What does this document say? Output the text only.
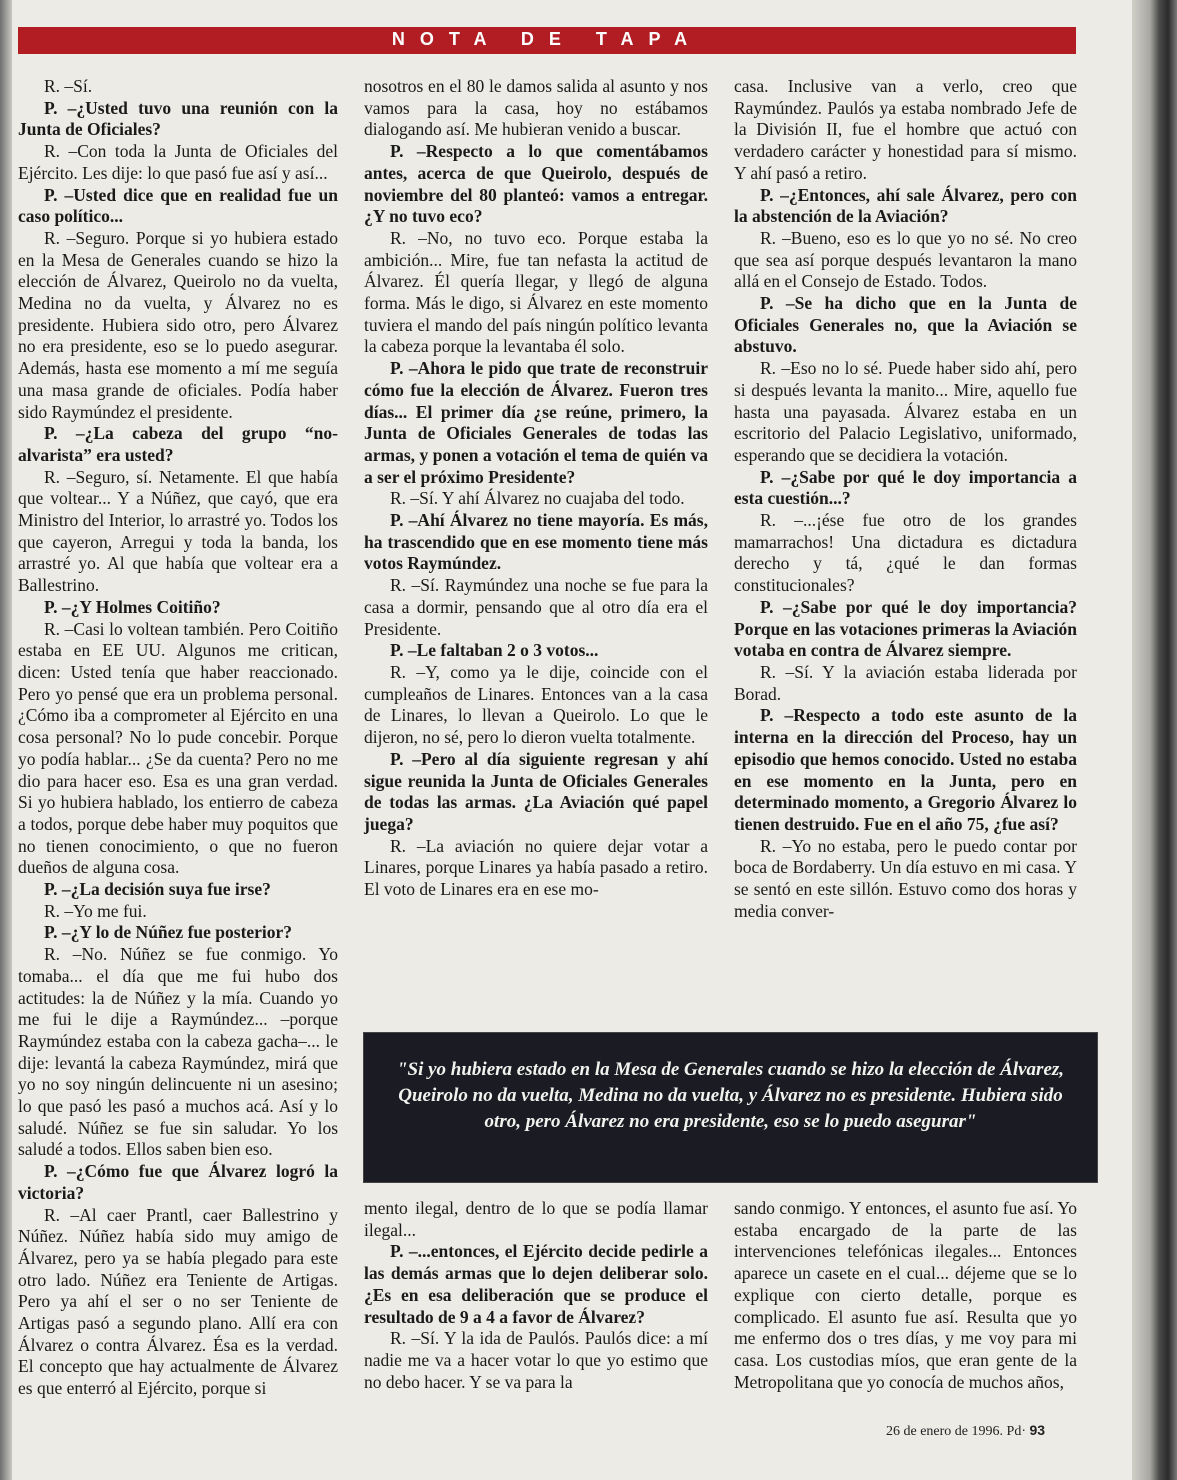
NOTA DE TAPA

R. –Sí.

P. –¿Usted tuvo una reunión con la Junta de Oficiales?

R. –Con toda la Junta de Oficiales del Ejército. Les dije: lo que pasó fue así y así...

P. –Usted dice que en realidad fue un caso político...

R. –Seguro. Porque si yo hubiera estado en la Mesa de Generales cuando se hizo la elección de Álvarez, Queirolo no da vuelta, Medina no da vuelta, y Álvarez no es presidente. Hubiera sido otro, pero Álvarez no era presidente, eso se lo puedo asegurar. Además, hasta ese momento a mí me seguía una masa grande de oficiales. Podía haber sido Raymúndez el presidente.

P. –¿La cabeza del grupo “no-alvarista” era usted?

R. –Seguro, sí. Netamente. El que había que voltear... Y a Núñez, que cayó, que era Ministro del Interior, lo arrastré yo. Todos los que cayeron, Arregui y toda la banda, los arrastré yo. Al que había que voltear era a Ballestrino.

P. –¿Y Holmes Coitiño?

R. –Casi lo voltean también. Pero Coitiño estaba en EE UU. Algunos me critican, dicen: Usted tenía que haber reaccionado. Pero yo pensé que era un problema personal. ¿Cómo iba a comprometer al Ejército en una cosa personal? No lo pude concebir. Porque yo podía hablar... ¿Se da cuenta? Pero no me dio para hacer eso. Esa es una gran verdad. Si yo hubiera hablado, los entierro de cabeza a todos, porque debe haber muy poquitos que no tienen conocimiento, o que no fueron dueños de alguna cosa.

P. –¿La decisión suya fue irse?

R. –Yo me fui.

P. –¿Y lo de Núñez fue posterior?

R. –No. Núñez se fue conmigo. Yo tomaba... el día que me fui hubo dos actitudes: la de Núñez y la mía. Cuando yo me fui le dije a Raymúndez... –porque Raymúndez estaba con la cabeza gacha–... le dije: levantá la cabeza Raymúndez, mirá que yo no soy ningún delincuente ni un asesino; lo que pasó les pasó a muchos acá. Así y lo saludé. Núñez se fue sin saludar. Yo los saludé a todos. Ellos saben bien eso.

P. –¿Cómo fue que Álvarez logró la victoria?

R. –Al caer Prantl, caer Ballestrino y Núñez. Núñez había sido muy amigo de Álvarez, pero ya se había plegado para este otro lado. Núñez era Teniente de Artigas. Pero ya ahí el ser o no ser Teniente de Artigas pasó a segundo plano. Allí era con Álvarez o contra Álvarez. Ésa es la verdad. El concepto que hay actualmente de Álvarez es que enterró al Ejército, porque si

nosotros en el 80 le damos salida al asunto y nos vamos para la casa, hoy no estábamos dialogando así. Me hubieran venido a buscar.

P. –Respecto a lo que comentábamos antes, acerca de que Queirolo, después de noviembre del 80 planteó: vamos a entregar. ¿Y no tuvo eco?

R. –No, no tuvo eco. Porque estaba la ambición... Mire, fue tan nefasta la actitud de Álvarez. Él quería llegar, y llegó de alguna forma. Más le digo, si Álvarez en este momento tuviera el mando del país ningún político levanta la cabeza porque la levantaba él solo.

P. –Ahora le pido que trate de reconstruir cómo fue la elección de Álvarez. Fueron tres días... El primer día ¿se reúne, primero, la Junta de Oficiales Generales de todas las armas, y ponen a votación el tema de quién va a ser el próximo Presidente?

R. –Sí. Y ahí Álvarez no cuajaba del todo.

P. –Ahí Álvarez no tiene mayoría. Es más, ha trascendido que en ese momento tiene más votos Raymúndez.

R. –Sí. Raymúndez una noche se fue para la casa a dormir, pensando que al otro día era el Presidente.

P. –Le faltaban 2 o 3 votos...

R. –Y, como ya le dije, coincide con el cumpleaños de Linares. Entonces van a la casa de Linares, lo llevan a Queirolo. Lo que le dijeron, no sé, pero lo dieron vuelta totalmente.

P. –Pero al día siguiente regresan y ahí sigue reunida la Junta de Oficiales Generales de todas las armas. ¿La Aviación qué papel juega?

R. –La aviación no quiere dejar votar a Linares, porque Linares ya había pasado a retiro. El voto de Linares era en ese mo-

casa. Inclusive van a verlo, creo que Raymúndez. Paulós ya estaba nombrado Jefe de la División II, fue el hombre que actuó con verdadero carácter y honestidad para sí mismo. Y ahí pasó a retiro.

P. –¿Entonces, ahí sale Álvarez, pero con la abstención de la Aviación?

R. –Bueno, eso es lo que yo no sé. No creo que sea así porque después levantaron la mano allá en el Consejo de Estado. Todos.

P. –Se ha dicho que en la Junta de Oficiales Generales no, que la Aviación se abstuvo.

R. –Eso no lo sé. Puede haber sido ahí, pero si después levanta la manito... Mire, aquello fue hasta una payasada. Álvarez estaba en un escritorio del Palacio Legislativo, uniformado, esperando que se decidiera la votación.

P. –¿Sabe por qué le doy importancia a esta cuestión...?

R. –...¡ése fue otro de los grandes mamarrachos! Una dictadura es dictadura derecho y tá, ¿qué le dan formas constitucionales?

P. –¿Sabe por qué le doy importancia? Porque en las votaciones primeras la Aviación votaba en contra de Álvarez siempre.

R. –Sí. Y la aviación estaba liderada por Borad.

P. –Respecto a todo este asunto de la interna en la dirección del Proceso, hay un episodio que hemos conocido. Usted no estaba en ese momento en la Junta, pero en determinado momento, a Gregorio Álvarez lo tienen destruido. Fue en el año 75, ¿fue así?

R. –Yo no estaba, pero le puedo contar por boca de Bordaberry. Un día estuvo en mi casa. Y se sentó en este sillón. Estuvo como dos horas y media conver-

"Si yo hubiera estado en la Mesa de Generales cuando se hizo la elección de Álvarez, Queirolo no da vuelta, Medina no da vuelta, y Álvarez no es presidente. Hubiera sido otro, pero Álvarez no era presidente, eso se lo puedo asegurar"

mento ilegal, dentro de lo que se podía llamar ilegal...

P. –...entonces, el Ejército decide pedirle a las demás armas que lo dejen deliberar solo. ¿Es en esa deliberación que se produce el resultado de 9 a 4 a favor de Álvarez?

R. –Sí. Y la ida de Paulós. Paulós dice: a mí nadie me va a hacer votar lo que yo estimo que no debo hacer. Y se va para la

sando conmigo. Y entonces, el asunto fue así. Yo estaba encargado de la parte de las intervenciones telefónicas ilegales... Entonces aparece un casete en el cual... déjeme que se lo explique con cierto detalle, porque es complicado. El asunto fue así. Resulta que yo me enfermo dos o tres días, y me voy para mi casa. Los custodias míos, que eran gente de la Metropolitana que yo conocía de muchos años,

26 de enero de 1996. Pd· 93
